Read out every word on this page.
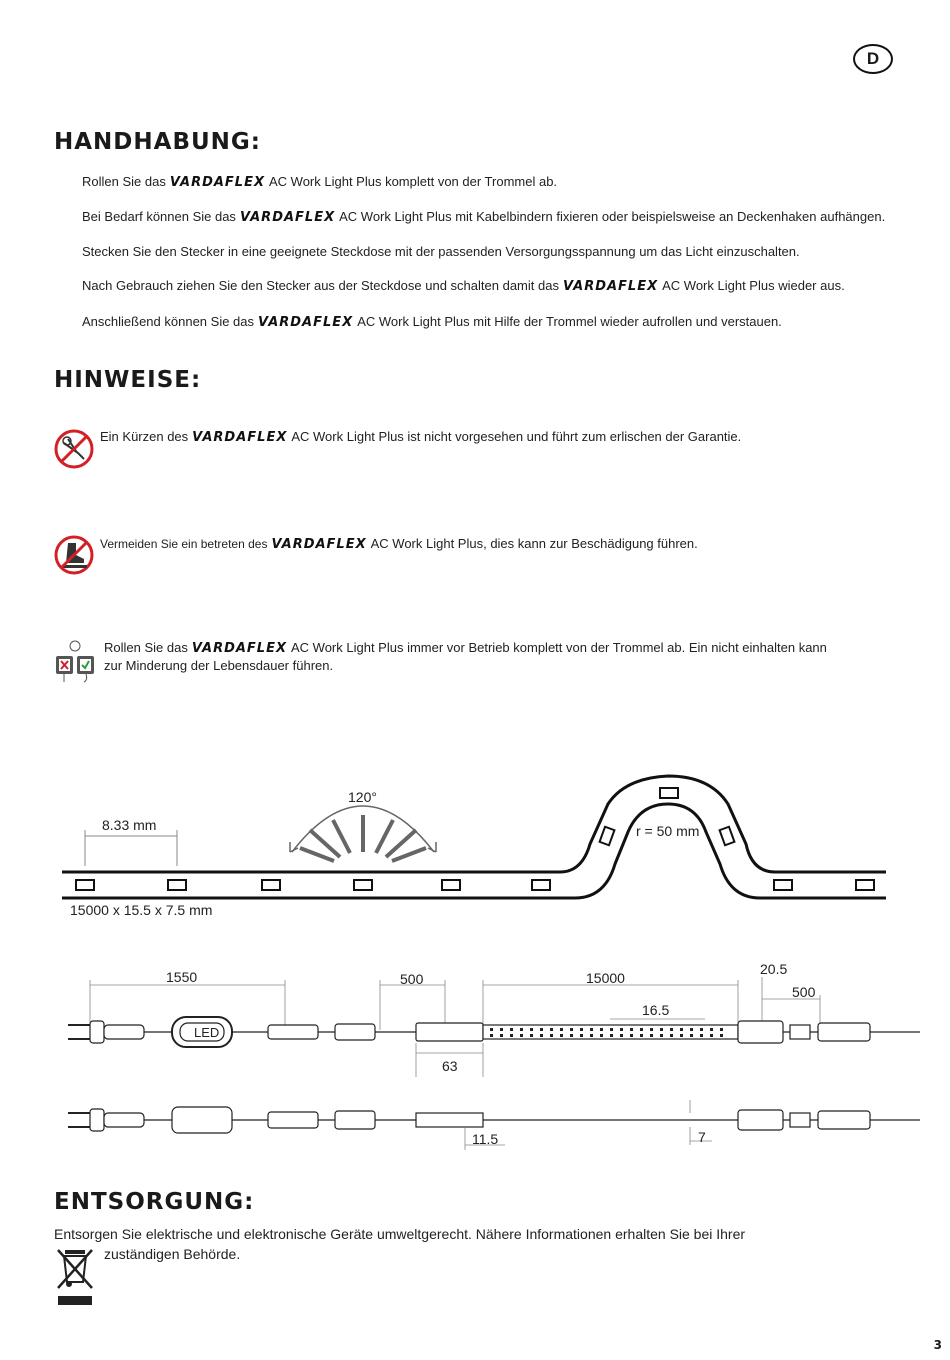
D
HANDHABUNG:

Rollen Sie das VARDAFLEX AC Work Light Plus komplett von der Trommel ab.

Bei Bedarf können Sie das VARDAFLEX AC Work Light Plus mit Kabelbindern fixieren oder beispielsweise an Deckenhaken aufhängen.

Stecken Sie den Stecker in eine geeignete Steckdose mit der passenden Versorgungsspannung um das Licht einzuschalten.

Nach Gebrauch ziehen Sie den Stecker aus der Steckdose und schalten damit das VARDAFLEX AC Work Light Plus wieder aus.

Anschließend können Sie das VARDAFLEX AC Work Light Plus mit Hilfe der Trommel wieder aufrollen und verstauen.

HINWEISE:

Ein Kürzen des VARDAFLEX AC Work Light Plus ist nicht vorgesehen und führt zum erlischen der Garantie.

Vermeiden Sie ein betreten des VARDAFLEX AC Work Light Plus, dies kann zur Beschädigung führen.

Rollen Sie das VARDAFLEX AC Work Light Plus immer vor Betrieb komplett von der Trommel ab. Ein nicht einhalten kann
zur Minderung der Lebensdauer führen.

8.33 mm
120°
r = 50 mm
15000 x 15.5 x 7.5 mm
LED
1550	500	15000
20.5
500
16.5
63
11.5	7
ENTSORGUNG:

Entsorgen Sie elektrische und elektronische Geräte umweltgerecht. Nähere Informationen erhalten Sie bei Ihrer

zuständigen Behörde.

3
